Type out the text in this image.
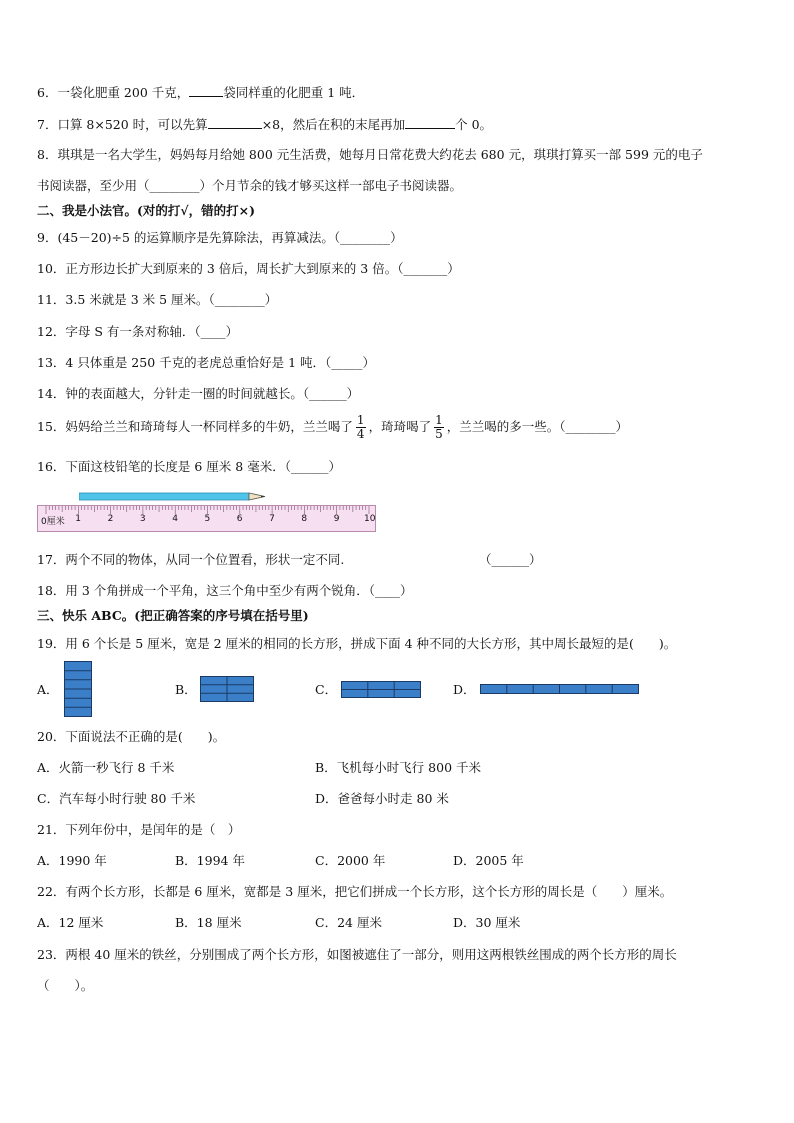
6．一袋化肥重 200 千克，	袋同样重的化肥重 1 吨．
7．口算 8×520 时，可以先算	×8，然后在积的末尾再加	个 0。
8．琪琪是一名大学生，妈妈每月给她 800 元生活费，她每月日常花费大约花去 680 元，琪琪打算买一部 599 元的电子
书阅读器，至少用（________）个月节余的钱才够买这样一部电子书阅读器。
二、我是小法官。(对的打√，错的打×)
9．(45－20)÷5 的运算顺序是先算除法，再算减法。（________）
10．正方形边长扩大到原来的 3 倍后，周长扩大到原来的 3 倍。（_______）
11．3.5 米就是 3 米 5 厘米。（________）
12．字母 S 有一条对称轴．（____）
13．4 只体重是 250 千克的老虎总重恰好是 1 吨．（_____）
14．钟的表面越大，分针走一圈的时间就越长。（______）
15．妈妈给兰兰和琦琦每人一杯同样多的牛奶，兰兰喝了 $\frac{1}{4}$ ，琦琦喝了 $\frac{1}{5}$ ，兰兰喝的多一些。（________）
16．下面这枝铅笔的长度是 6 厘米 8 毫米．（______）
0厘米 1	2	3	4	5	6	7	8	9	10
17．两个不同的物体，从同一个位置看，形状一定不同.	（______）
18．用 3 个角拼成一个平角，这三个角中至少有两个锐角．（____）
三、快乐 ABC。(把正确答案的序号填在括号里)
19．用 6 个长是 5 厘米，宽是 2 厘米的相同的长方形，拼成下面 4 种不同的大长方形，其中周长最短的是(　　)。
A．	B．	C．	D．
20．下面说法不正确的是(　　)。
A．火箭一秒飞行 8 千米	B．飞机每小时飞行 800 千米
C．汽车每小时行驶 80 千米	D．爸爸每小时走 80 米
21．下列年份中，是闰年的是（　）
A．1990 年	B．1994 年	C．2000 年	D．2005 年
22．有两个长方形，长都是 6 厘米，宽都是 3 厘米，把它们拼成一个长方形，这个长方形的周长是（　　）厘米。
A．12 厘米	B．18 厘米	C．24 厘米	D．30 厘米
23．两根 40 厘米的铁丝，分别围成了两个长方形，如图被遮住了一部分，则用这两根铁丝围成的两个长方形的周长
（　　）。
